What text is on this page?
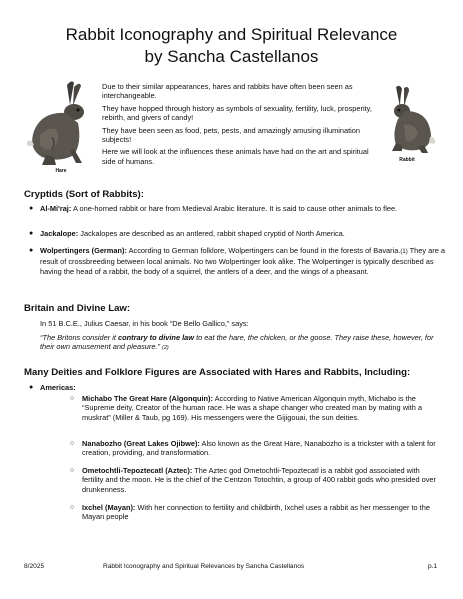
Rabbit Iconography and Spiritual Relevance
by Sancha Castellanos
Hare
Rabbit

Due to their similar appearances, hares and rabbits have often been seen as interchangeable.

They have hopped through history as symbols of sexuality, fertility, luck, prosperity, rebirth, and givers of candy!

They have been seen as food, pets, pests, and amazingly amusing illumination subjects!

Here we will look at the influences these animals have had on the art and spiritual side of humans.

Cryptids (Sort of Rabbits):
● Al-Mi'raj: A one-horned rabbit or hare from Medieval Arabic literature. It is said to cause other animals to flee.
● Jackalope: Jackalopes are described as an antlered, rabbit shaped cryptid of North America.
● Wolpertingers (German): According to German folklore, Wolpertingers can be found in the forests of Bavaria.(1) They are a result of crossbreeding between local animals. No two Wolpertinger look alike. The Wolpertinger is typically described as having the head of a rabbit, the body of a squirrel, the antlers of a deer, and the wings of a pheasant.
Britain and Divine Law:
In 51 B.C.E., Julius Caesar, in his book “De Bello Gallico,” says:
“The Britons consider it contrary to divine law to eat the hare, the chicken, or the goose. They raise these, however, for their own amusement and pleasure.” (2)
Many Deities and Folklore Figures are Associated with Hares and Rabbits, Including:
● Americas:
○ Michabo The Great Hare (Algonquin): According to Native American Algonquin myth, Michabo is the “Supreme deity, Creator of the human race. He was a shape changer who created man by mating with a muskrat” (Miller & Taub, pg 169). His messengers were the Gijigouai, the sun deities.
○ Nanabozho (Great Lakes Ojibwe): Also known as the Great Hare, Nanabozho is a trickster with a talent for creation, providing, and transformation.
○ Ometochtli-Tepoztecatl (Aztec): The Aztec god Ometochtli-Tepoztecatl is a rabbit god associated with fertility and the moon. He is the chief of the Centzon Totochtin, a group of 400 rabbit gods who presided over drunkenness.
○ Ixchel (Mayan): With her connection to fertility and childbirth, Ixchel uses a rabbit as her messenger to the Mayan people
8/2025	Rabbit Iconography and Spiritual Relevances by Sancha Castellanos	p.1
